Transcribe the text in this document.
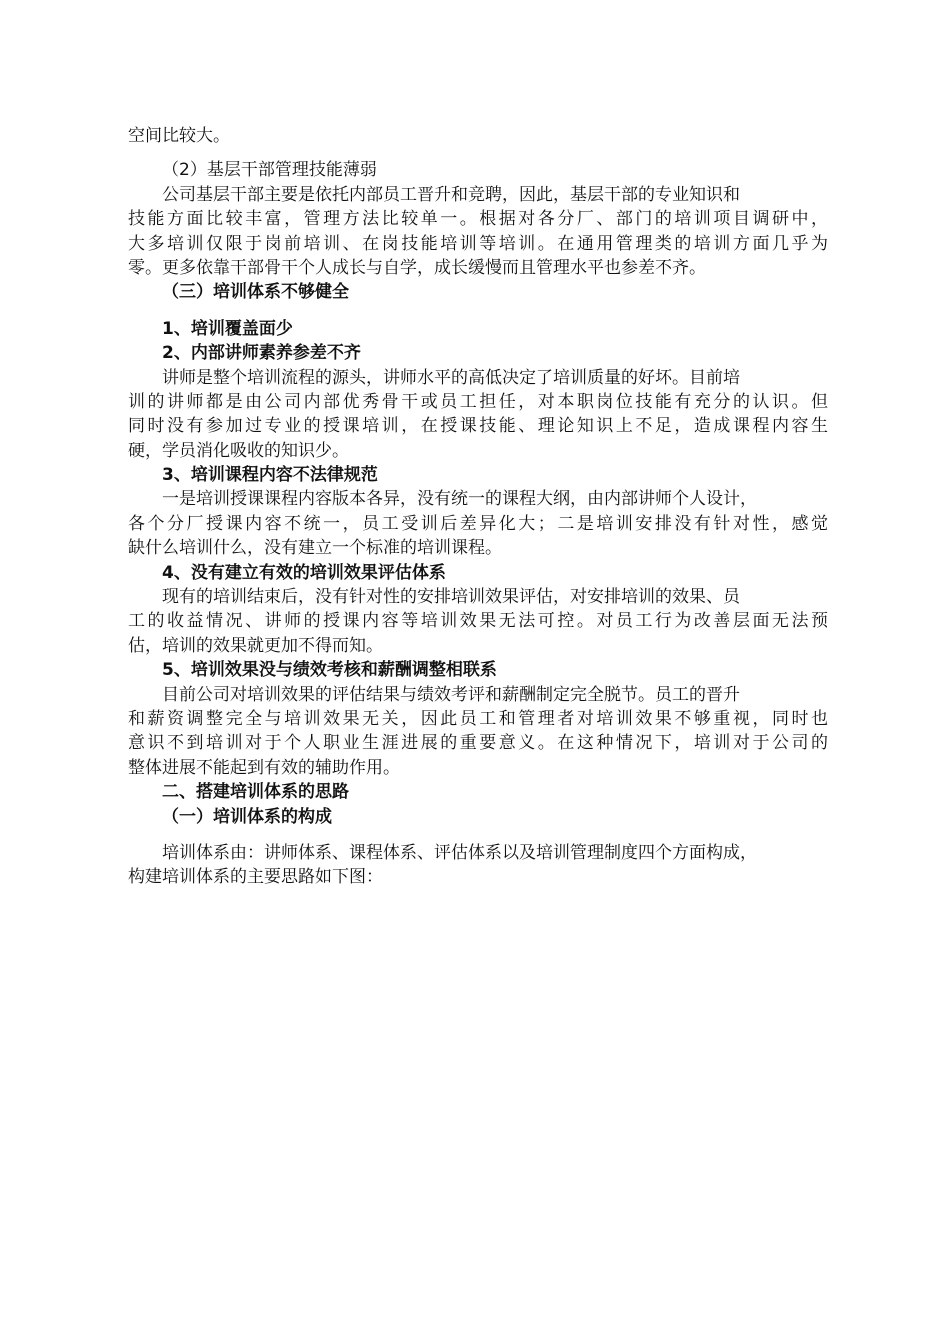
空间比较大。
（2）基层干部管理技能薄弱
公司基层干部主要是依托内部员工晋升和竞聘，因此，基层干部的专业知识和
技能方面比较丰富，管理方法比较单一。根据对各分厂、部门的培训项目调研中，
大多培训仅限于岗前培训、在岗技能培训等培训。在通用管理类的培训方面几乎为
零。更多依靠干部骨干个人成长与自学，成长缓慢而且管理水平也参差不齐。
（三）培训体系不够健全
1、培训覆盖面少
2、内部讲师素养参差不齐
讲师是整个培训流程的源头，讲师水平的高低决定了培训质量的好坏。目前培
训的讲师都是由公司内部优秀骨干或员工担任，对本职岗位技能有充分的认识。但
同时没有参加过专业的授课培训，在授课技能、理论知识上不足，造成课程内容生
硬，学员消化吸收的知识少。
3、培训课程内容不法律规范
一是培训授课课程内容版本各异，没有统一的课程大纲，由内部讲师个人设计，
各个分厂授课内容不统一，员工受训后差异化大；二是培训安排没有针对性，感觉
缺什么培训什么，没有建立一个标准的培训课程。
4、没有建立有效的培训效果评估体系
现有的培训结束后，没有针对性的安排培训效果评估，对安排培训的效果、员
工的收益情况、讲师的授课内容等培训效果无法可控。对员工行为改善层面无法预
估，培训的效果就更加不得而知。
5、培训效果没与绩效考核和薪酬调整相联系
目前公司对培训效果的评估结果与绩效考评和薪酬制定完全脱节。员工的晋升
和薪资调整完全与培训效果无关，因此员工和管理者对培训效果不够重视，同时也
意识不到培训对于个人职业生涯进展的重要意义。在这种情况下，培训对于公司的
整体进展不能起到有效的辅助作用。
二、搭建培训体系的思路
（一）培训体系的构成
培训体系由：讲师体系、课程体系、评估体系以及培训管理制度四个方面构成，
构建培训体系的主要思路如下图：
